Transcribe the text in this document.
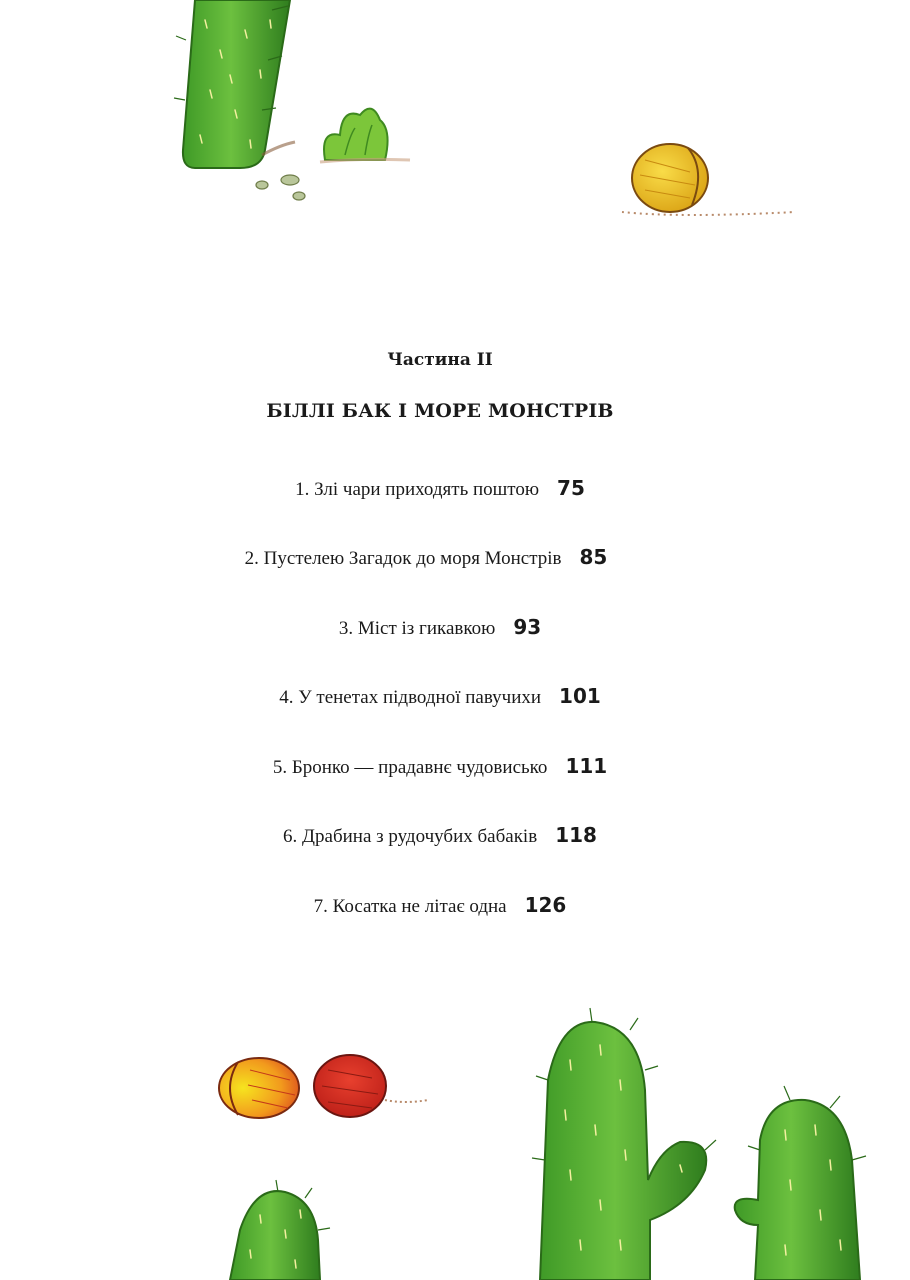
Частина II
БІЛЛІ БАК І МОРЕ МОНСТРІВ
1. Злі чари приходять поштою 75
2. Пустелею Загадок до моря Монстрів 85
3. Міст із гикавкою 93
4. У тенетах підводної павучихи 101
5. Бронко — прадавнє чудовисько 111
6. Драбина з рудочубих бабаків 118
7. Косатка не літає одна 126
